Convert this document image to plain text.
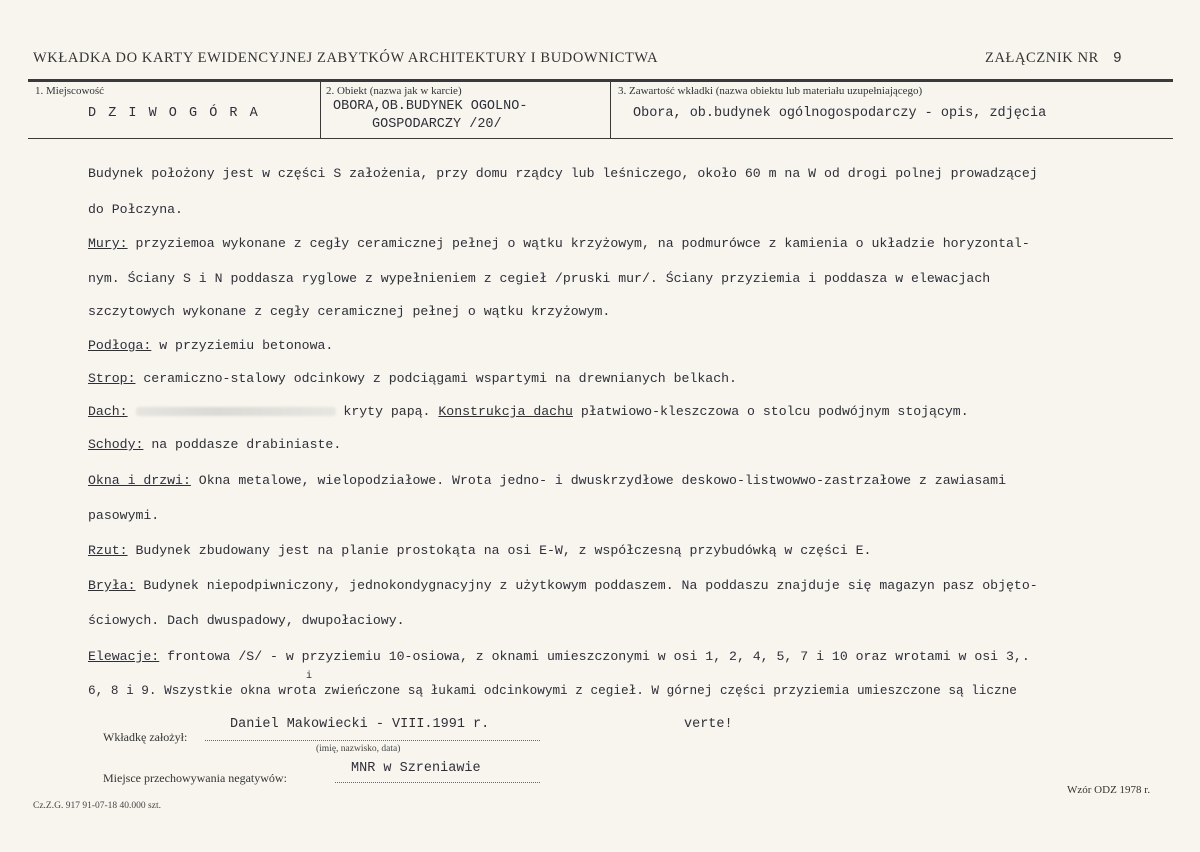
WKŁADKA DO KARTY EWIDENCYJNEJ ZABYTKÓW ARCHITEKTURY I BUDOWNICTWA	ZAŁĄCZNIK NR 9
1. Miejscowość
D Z I W O G Ó R A
2. Obiekt (nazwa jak w karcie)
OBORA,OB.BUDYNEK OGOLNO-
GOSPODARCZY /20/
3. Zawartość wkładki (nazwa obiektu lub materiału uzupełniającego)
Obora, ob.budynek ogólnogospodarczy - opis, zdjęcia
Budynek położony jest w części S założenia, przy domu rządcy lub leśniczego, około 60 m na W od drogi polnej prowadzącej
do Połczyna.
Mury: przyziemoa wykonane z cegły ceramicznej pełnej o wątku krzyżowym, na podmurówce z kamienia o układzie horyzontal-
nym. Ściany S i N poddasza ryglowe z wypełnieniem z cegieł /pruski mur/. Ściany przyziemia i poddasza w elewacjach
szczytowych wykonane z cegły ceramicznej pełnej o wątku krzyżowym.
Podłoga: w przyziemiu betonowa.
Strop: ceramiczno-stalowy odcinkowy z podciągami wspartymi na drewnianych belkach.
Dach:	kryty papą. Konstrukcja dachu płatwiowo-kleszczowa o stolcu podwójnym stojącym.
Schody: na poddasze drabiniaste.
Okna i drzwi: Okna metalowe, wielopodziałowe. Wrota jedno- i dwuskrzydłowe deskowo-listwowwo-zastrzałowe z zawiasami
pasowymi.
Rzut: Budynek zbudowany jest na planie prostokąta na osi E-W, z współczesną przybudówką w części E.
Bryła: Budynek niepodpiwniczony, jednokondygnacyjny z użytkowym poddaszem. Na poddaszu znajduje się magazyn pasz objęto-
ściowych. Dach dwuspadowy, dwupołaciowy.
Elewacje: frontowa /S/ - w przyziemiu 10-osiowa, z oknami umieszczonymi w osi 1, 2, 4, 5, 7 i 10 oraz wrotami w osi 3,.
6, 8 i 9. Wszystkie okna wrota zwieńczone są łukami odcinkowymi z cegieł. W górnej części przyziemia umieszczone są liczne
i
Wkładkę założył:
Daniel Makowiecki - VIII.1991 r.
(imię, nazwisko, data)
verte!
Miejsce przechowywania negatywów:
MNR w Szreniawie
Cz.Z.G. 917 91-07-18 40.000 szt.
Wzór ODZ 1978 r.
